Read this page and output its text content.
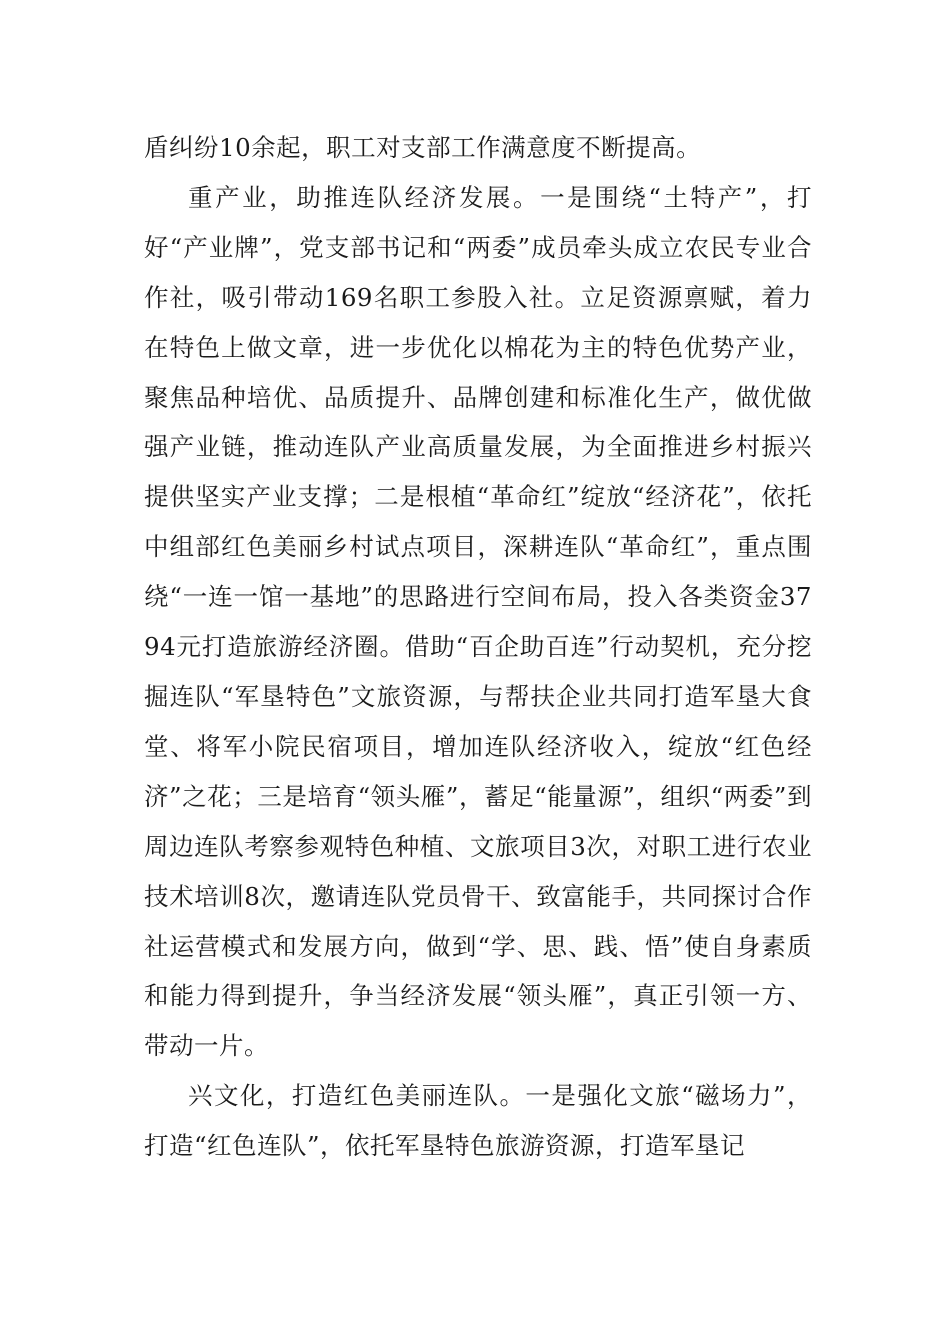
盾纠纷10余起，职工对支部工作满意度不断提高。

重产业，助推连队经济发展。一是围绕“土特产”，打好“产业牌”，党支部书记和“两委”成员牵头成立农民专业合作社，吸引带动169名职工参股入社。立足资源禀赋，着力在特色上做文章，进一步优化以棉花为主的特色优势产业，聚焦品种培优、品质提升、品牌创建和标准化生产，做优做强产业链，推动连队产业高质量发展，为全面推进乡村振兴提供坚实产业支撑；二是根植“革命红”绽放“经济花”，依托中组部红色美丽乡村试点项目，深耕连队“革命红”，重点围绕“一连一馆一基地”的思路进行空间布局，投入各类资金3794元打造旅游经济圈。借助“百企助百连”行动契机，充分挖掘连队“军垦特色”文旅资源，与帮扶企业共同打造军垦大食堂、将军小院民宿项目，增加连队经济收入，绽放“红色经济”之花；三是培育“领头雁”，蓄足“能量源”，组织“两委”到周边连队考察参观特色种植、文旅项目3次，对职工进行农业技术培训8次，邀请连队党员骨干、致富能手，共同探讨合作社运营模式和发展方向，做到“学、思、践、悟”使自身素质和能力得到提升，争当经济发展“领头雁”，真正引领一方、带动一片。

兴文化，打造红色美丽连队。一是强化文旅“磁场力”，打造“红色连队”，依托军垦特色旅游资源，打造军垦记
